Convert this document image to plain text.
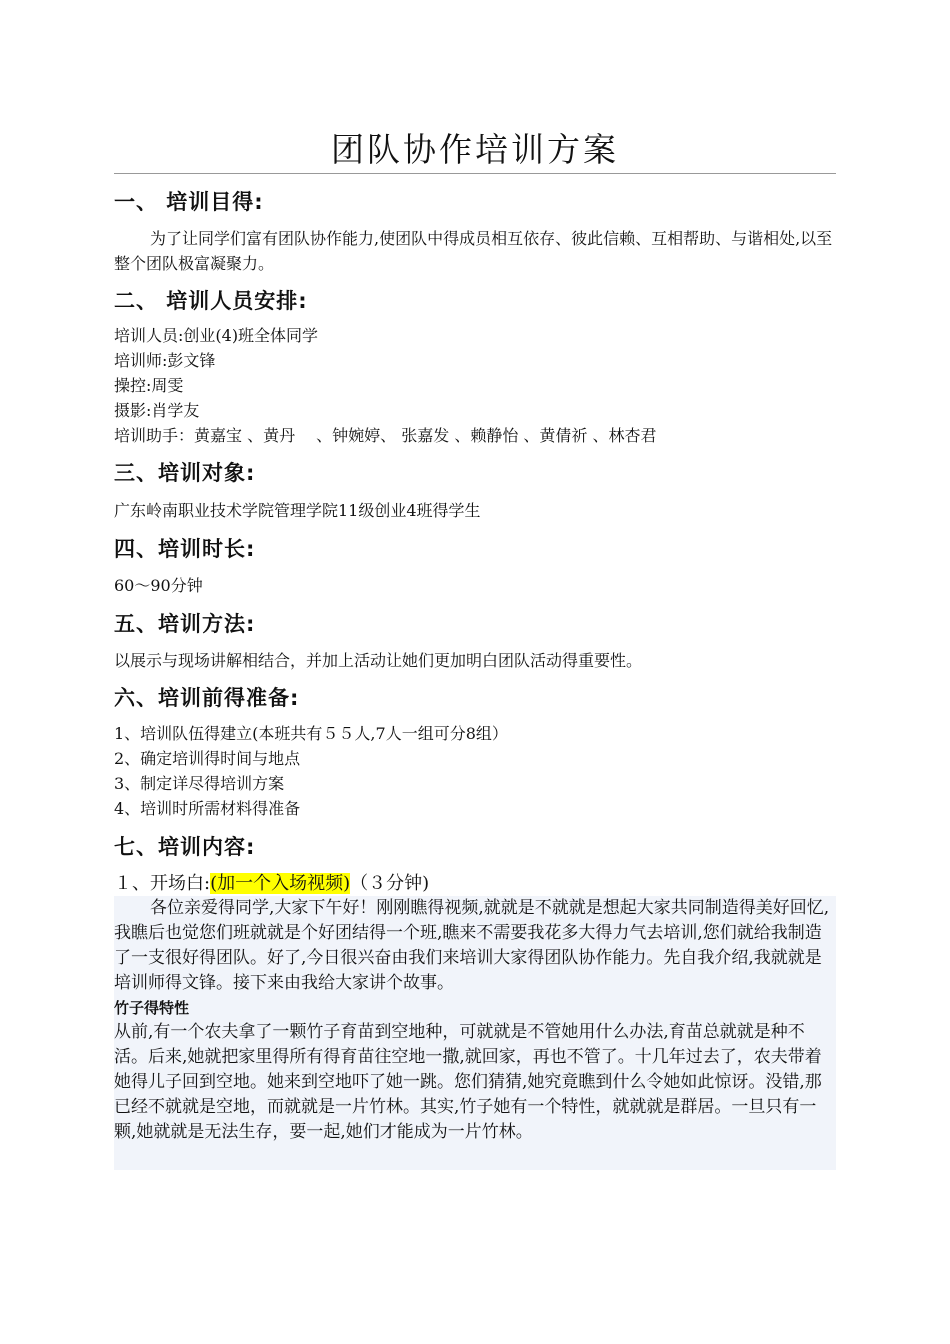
团队协作培训方案
一、 培训目得:
为了让同学们富有团队协作能力,使团队中得成员相互依存、彼此信赖、互相帮助、与谐相处,以至整个团队极富凝聚力。
二、 培训人员安排:
培训人员:创业(4)班全体同学
培训师:彭文锋
操控:周雯
摄影:肖学友
培训助手：黄嘉宝 、黄丹　 、钟婉婷、 张嘉发 、赖静怡 、黄倩祈 、林杏君
三、培训对象:
广东岭南职业技术学院管理学院11级创业4班得学生
四、培训时长:
60～90分钟
五、培训方法:
以展示与现场讲解相结合，并加上活动让她们更加明白团队活动得重要性。
六、培训前得准备:
1、培训队伍得建立(本班共有５５人,7人一组可分8组）
2、确定培训得时间与地点
3、制定详尽得培训方案
4、培训时所需材料得准备
七、培训内容:
１、开场白:(加一个入场视频)（３分钟)
各位亲爱得同学,大家下午好！刚刚瞧得视频,就就是不就就是想起大家共同制造得美好回忆,我瞧后也觉您们班就就是个好团结得一个班,瞧来不需要我花多大得力气去培训,您们就给我制造了一支很好得团队。好了,今日很兴奋由我们来培训大家得团队协作能力。先自我介绍,我就就是培训师得文锋。接下来由我给大家讲个故事。
竹子得特性
从前,有一个农夫拿了一颗竹子育苗到空地种，可就就是不管她用什么办法,育苗总就就是种不活。后来,她就把家里得所有得育苗往空地一撒,就回家，再也不管了。十几年过去了，农夫带着她得儿子回到空地。她来到空地吓了她一跳。您们猜猜,她究竟瞧到什么令她如此惊讶。没错,那已经不就就是空地，而就就是一片竹林。其实,竹子她有一个特性，就就就是群居。一旦只有一颗,她就就是无法生存，要一起,她们才能成为一片竹林。
